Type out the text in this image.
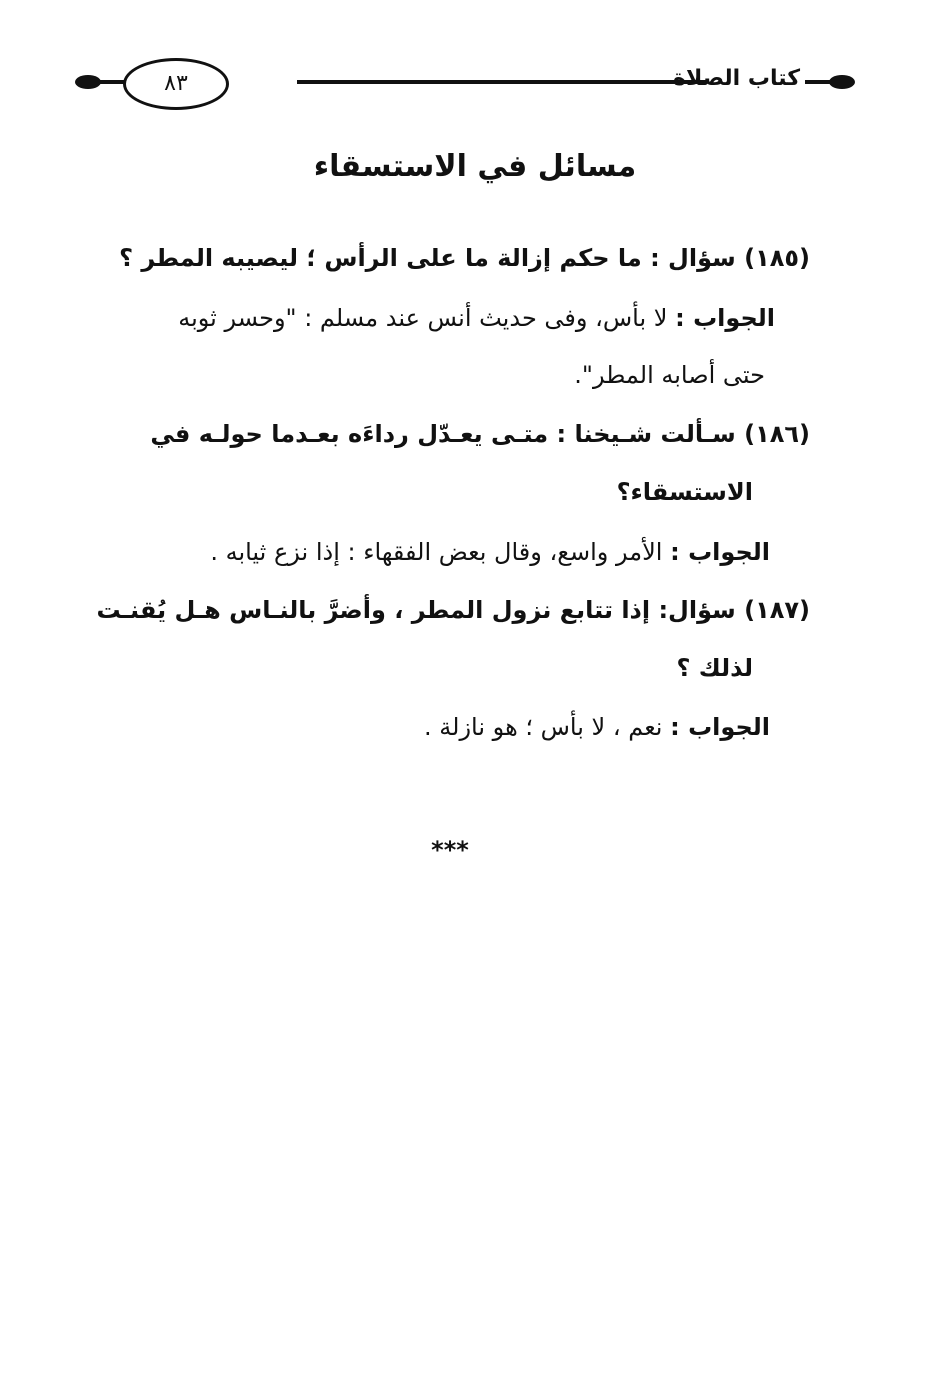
٨٣	كتاب الصلاة
مسائل في الاستسقاء
(١٨٥) سؤال : ما حكم إزالة ما على الرأس ؛ ليصيبه المطر ؟
الجواب : لا بأس، وفى حديث أنس عند مسلم : "وحسر ثوبه
حتى أصابه المطر".
(١٨٦) سـألت شـيخنا : متـى يعـدّل رداءَه بعـدما حولـه في
الاستسقاء؟
الجواب : الأمر واسع، وقال بعض الفقهاء : إذا نزع ثيابه .
(١٨٧) سؤال: إذا تتابع نزول المطر ، وأضرَّ بالنـاس هـل يُقنـت
لذلك ؟
الجواب : نعم ، لا بأس ؛ هو نازلة .
***
